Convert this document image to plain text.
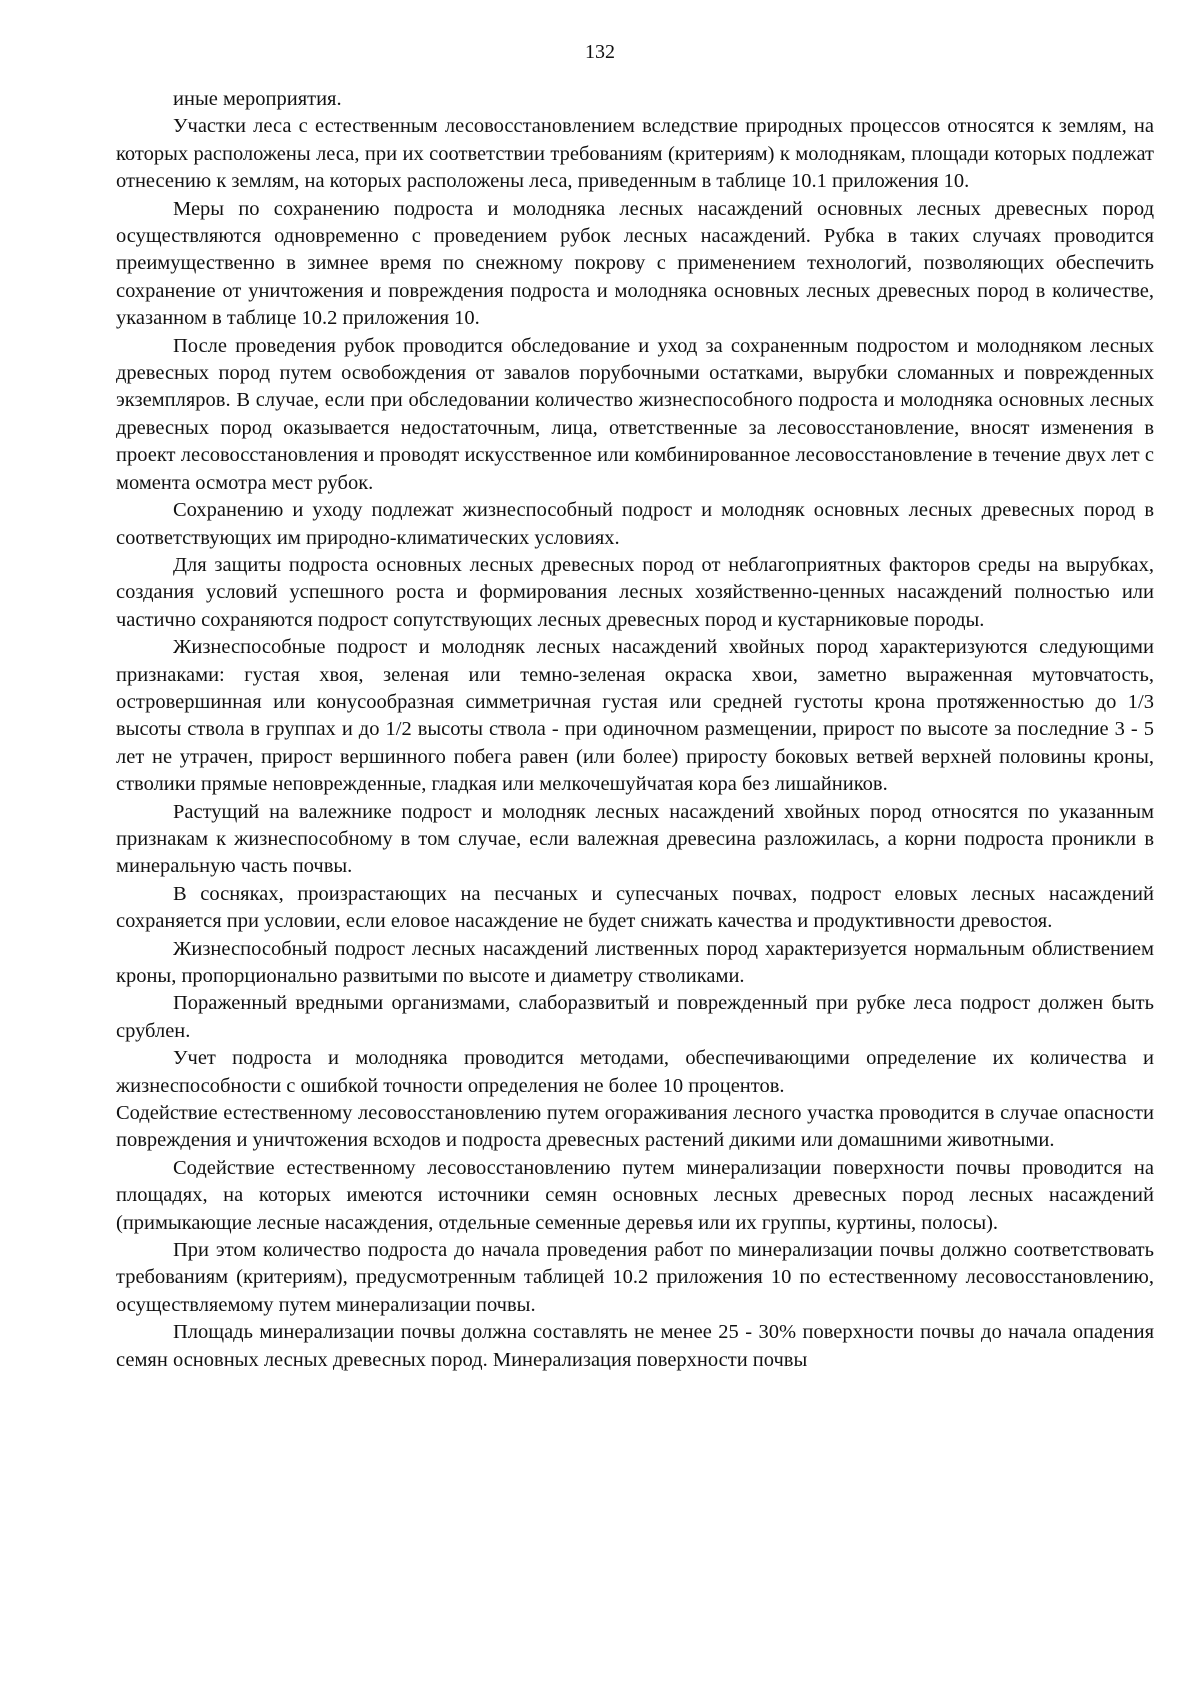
132

иные мероприятия.

Участки леса с естественным лесовосстановлением вследствие природных процессов относятся к землям, на которых расположены леса, при их соответствии требованиям (критериям) к молоднякам, площади которых подлежат отнесению к землям, на которых расположены леса, приведенным в таблице 10.1 приложения 10.

Меры по сохранению подроста и молодняка лесных насаждений основных лесных древесных пород осуществляются одновременно с проведением рубок лесных насаждений. Рубка в таких случаях проводится преимущественно в зимнее время по снежному покрову с применением технологий, позволяющих обеспечить сохранение от уничтожения и повреждения подроста и молодняка основных лесных древесных пород в количестве, указанном в таблице 10.2 приложения 10.

После проведения рубок проводится обследование и уход за сохраненным подростом и молодняком лесных древесных пород путем освобождения от завалов порубочными остатками, вырубки сломанных и поврежденных экземпляров. В случае, если при обследовании количество жизнеспособного подроста и молодняка основных лесных древесных пород оказывается недостаточным, лица, ответственные за лесовосстановление, вносят изменения в проект лесовосстановления и проводят искусственное или комбинированное лесовосстановление в течение двух лет с момента осмотра мест рубок.

Сохранению и уходу подлежат жизнеспособный подрост и молодняк основных лесных древесных пород в соответствующих им природно-климатических условиях.

Для защиты подроста основных лесных древесных пород от неблагоприятных факторов среды на вырубках, создания условий успешного роста и формирования лесных хозяйственно-ценных насаждений полностью или частично сохраняются подрост сопутствующих лесных древесных пород и кустарниковые породы.

Жизнеспособные подрост и молодняк лесных насаждений хвойных пород характеризуются следующими признаками: густая хвоя, зеленая или темно-зеленая окраска хвои, заметно выраженная мутовчатость, островершинная или конусообразная симметричная густая или средней густоты крона протяженностью до 1/3 высоты ствола в группах и до 1/2 высоты ствола - при одиночном размещении, прирост по высоте за последние 3 - 5 лет не утрачен, прирост вершинного побега равен (или более) приросту боковых ветвей верхней половины кроны, стволики прямые неповрежденные, гладкая или мелкочешуйчатая кора без лишайников.

Растущий на валежнике подрост и молодняк лесных насаждений хвойных пород относятся по указанным признакам к жизнеспособному в том случае, если валежная древесина разложилась, а корни подроста проникли в минеральную часть почвы.

В сосняках, произрастающих на песчаных и супесчаных почвах, подрост еловых лесных насаждений сохраняется при условии, если еловое насаждение не будет снижать качества и продуктивности древостоя.

Жизнеспособный подрост лесных насаждений лиственных пород характеризуется нормальным облиствением кроны, пропорционально развитыми по высоте и диаметру стволиками.

Пораженный вредными организмами, слаборазвитый и поврежденный при рубке леса подрост должен быть срублен.

Учет подроста и молодняка проводится методами, обеспечивающими определение их количества и жизнеспособности с ошибкой точности определения не более 10 процентов.

Содействие естественному лесовосстановлению путем огораживания лесного участка проводится в случае опасности повреждения и уничтожения всходов и подроста древесных растений дикими или домашними животными.

Содействие естественному лесовосстановлению путем минерализации поверхности почвы проводится на площадях, на которых имеются источники семян основных лесных древесных пород лесных насаждений (примыкающие лесные насаждения, отдельные семенные деревья или их группы, куртины, полосы).

При этом количество подроста до начала проведения работ по минерализации почвы должно соответствовать требованиям (критериям), предусмотренным таблицей 10.2 приложения 10 по естественному лесовосстановлению, осуществляемому путем минерализации почвы.

Площадь минерализации почвы должна составлять не менее 25 - 30% поверхности почвы до начала опадения семян основных лесных древесных пород. Минерализация поверхности почвы
